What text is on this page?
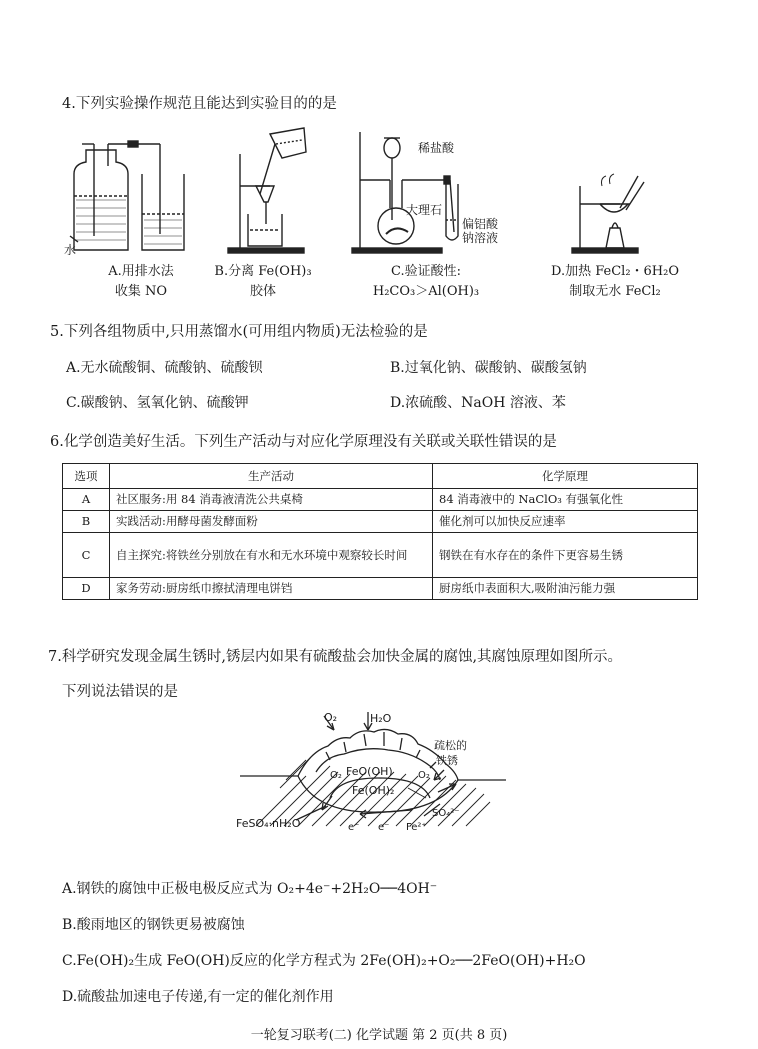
4.下列实验操作规范且能达到实验目的的是
水
稀盐酸
大理石
偏铝酸
钠溶液
A.用排水法
收集 NO
B.分离 Fe(OH)₃
胶体
C.验证酸性:
H₂CO₃＞Al(OH)₃
D.加热 FeCl₂・6H₂O
制取无水 FeCl₂
5.下列各组物质中,只用蒸馏水(可用组内物质)无法检验的是
A.无水硫酸铜、硫酸钠、硫酸钡	B.过氧化钠、碳酸钠、碳酸氢钠
C.碳酸钠、氢氧化钠、硫酸钾	D.浓硫酸、NaOH 溶液、苯
6.化学创造美好生活。下列生产活动与对应化学原理没有关联或关联性错误的是
选项	生产活动	化学原理
A	社区服务:用 84 消毒液清洗公共桌椅	84 消毒液中的 NaClO₃ 有强氧化性
B	实践活动:用酵母菌发酵面粉	催化剂可以加快反应速率
C	自主探究:将铁丝分别放在有水和无水环境中观察较长时间	钢铁在有水存在的条件下更容易生锈
D	家务劳动:厨房纸巾擦拭清理电饼铛	厨房纸巾表面积大,吸附油污能力强
7.科学研究发现金属生锈时,锈层内如果有硫酸盐会加快金属的腐蚀,其腐蚀原理如图所示。
下列说法错误的是
O₂	H₂O
疏松的
铁锈
O₂ FeO(OH)	O₂
Fe(OH)₂
FeSO₄·nH₂O	e⁻ e⁻ Fe²⁺
SO₄²⁻
A.钢铁的腐蚀中正极电极反应式为 O₂+4e⁻+2H₂O──4OH⁻
B.酸雨地区的钢铁更易被腐蚀
C.Fe(OH)₂生成 FeO(OH)反应的化学方程式为 2Fe(OH)₂+O₂──2FeO(OH)+H₂O
D.硫酸盐加速电子传递,有一定的催化剂作用
一轮复习联考(二) 化学试题 第 2 页(共 8 页)
